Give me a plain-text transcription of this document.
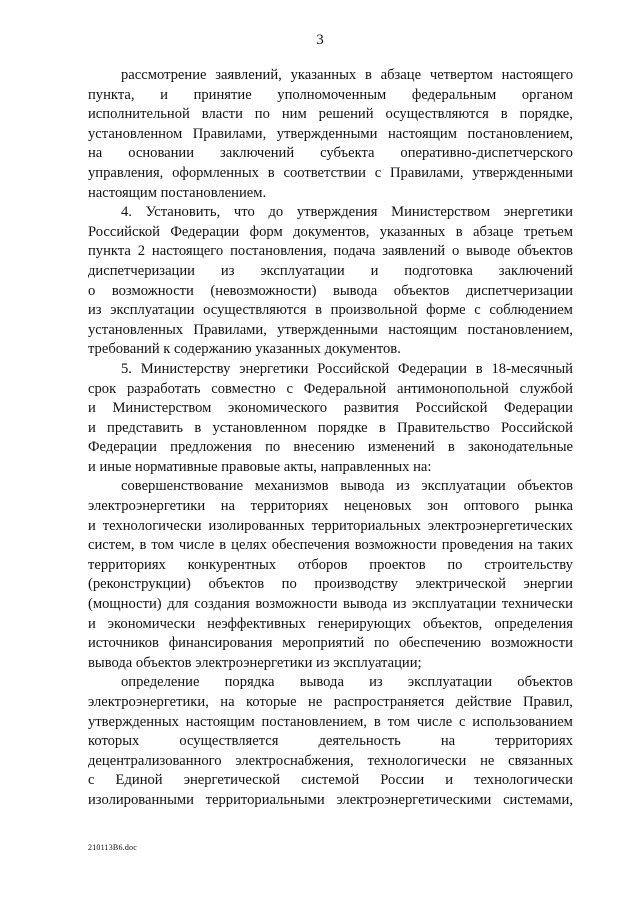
3
рассмотрение заявлений, указанных в абзаце четвертом настоящего
пункта, и принятие уполномоченным федеральным органом
исполнительной власти по ним решений осуществляются в порядке,
установленном Правилами, утвержденными настоящим постановлением,
на основании заключений субъекта оперативно-диспетчерского
управления, оформленных в соответствии с Правилами, утвержденными
настоящим постановлением.
4. Установить, что до утверждения Министерством энергетики
Российской Федерации форм документов, указанных в абзаце третьем
пункта 2 настоящего постановления, подача заявлений о выводе объектов
диспетчеризации из эксплуатации и подготовка заключений
о возможности (невозможности) вывода объектов диспетчеризации
из эксплуатации осуществляются в произвольной форме с соблюдением
установленных Правилами, утвержденными настоящим постановлением,
требований к содержанию указанных документов.
5. Министерству энергетики Российской Федерации в 18-месячный
срок разработать совместно с Федеральной антимонопольной службой
и Министерством экономического развития Российской Федерации
и представить в установленном порядке в Правительство Российской
Федерации предложения по внесению изменений в законодательные
и иные нормативные правовые акты, направленных на:
совершенствование механизмов вывода из эксплуатации объектов
электроэнергетики на территориях неценовых зон оптового рынка
и технологически изолированных территориальных электроэнергетических
систем, в том числе в целях обеспечения возможности проведения на таких
территориях конкурентных отборов проектов по строительству
(реконструкции) объектов по производству электрической энергии
(мощности) для создания возможности вывода из эксплуатации технически
и экономически неэффективных генерирующих объектов, определения
источников финансирования мероприятий по обеспечению возможности
вывода объектов электроэнергетики из эксплуатации;
определение порядка вывода из эксплуатации объектов
электроэнергетики, на которые не распространяется действие Правил,
утвержденных настоящим постановлением, в том числе с использованием
которых	осуществляется	деятельность	на	территориях
децентрализованного электроснабжения, технологически не связанных
с Единой энергетической системой России и технологически
изолированными территориальными электроэнергетическими системами,
210113В6.doc
